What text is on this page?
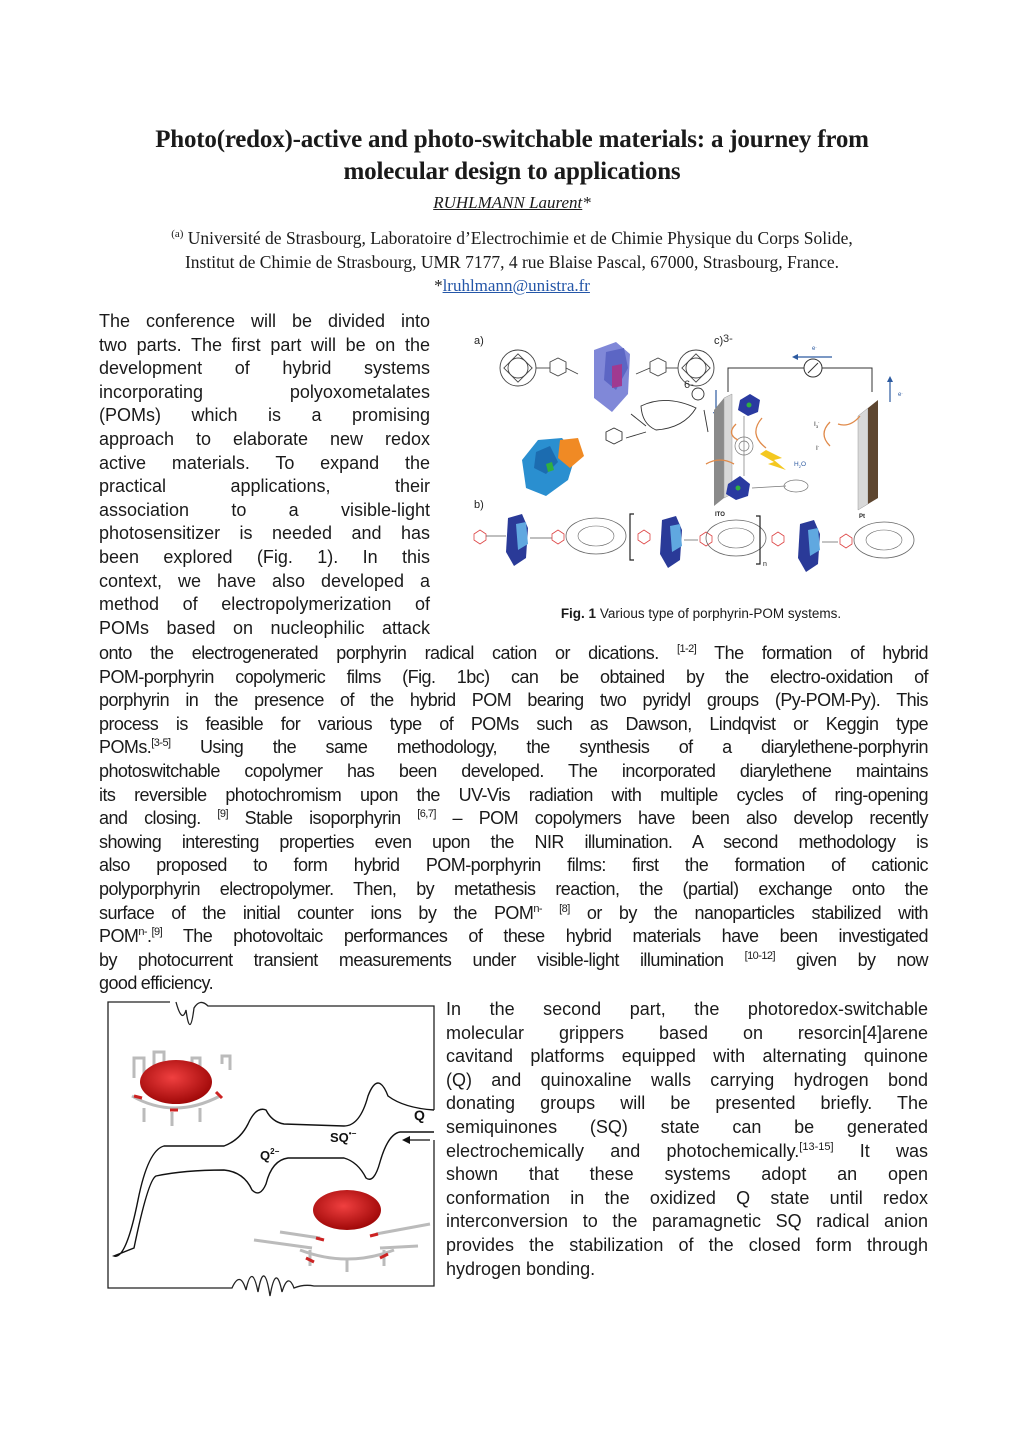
Photo(redox)-active and photo-switchable materials: a journey from
molecular design to applications
RUHLMANN Laurent*
$^{(a)}$ Université de Strasbourg, Laboratoire d’Electrochimie et de Chimie Physique du Corps Solide,
Institut de Chimie de Strasbourg, UMR 7177, 4 rue Blaise Pascal, 67000, Strasbourg, France.
*lruhlmann@unistra.fr
The conference will be divided into
two parts. The first part will be on the
development of hybrid systems
incorporating polyoxometalates
(POMs) which is a promising
approach to elaborate new redox
active materials. To expand the
practical applications, their
association to a visible-light
photosensitizer is needed and has
been explored (Fig. 1). In this
context, we have also developed a
method of electropolymerization of
POMs based on nucleophilic attack
a)	3-
6-
c)
e-
e-
ITO	Pt
$I_3^-$
I-
$H_2O$
b)
n
Fig. 1 Various type of porphyrin-POM systems.
onto the electrogenerated porphyrin radical cation or dications. [1-2] The formation of hybrid
POM-porphyrin copolymeric films (Fig. 1bc) can be obtained by the electro-oxidation of
porphyrin in the presence of the hybrid POM bearing two pyridyl groups (Py-POM-Py). This
process is feasible for various type of POMs such as Dawson, Lindqvist or Keggin type
POMs.[3-5] Using the same methodology, the synthesis of a diarylethene-porphyrin
photoswitchable copolymer has been developed. The incorporated diarylethene maintains
its reversible photochromism upon the UV-Vis radiation with multiple cycles of ring-opening
and closing. [9] Stable isoporphyrin [6,7] – POM copolymers have been also develop recently
showing interesting properties even upon the NIR illumination. A second methodology is
also proposed to form hybrid POM-porphyrin films: first the formation of cationic
polyporphyrin electropolymer. Then, by metathesis reaction, the (partial) exchange onto the
surface of the initial counter ions by the $POM^{n-}$ [8] or by the nanoparticles stabilized with
$POM^{n-}.[9]$ The photovoltaic performances of these hybrid materials have been investigated
by photocurrent transient measurements under visible-light illumination [10-12] given by now
good efficiency.
Q
SQ•−
$Q^{2-}$
In the second part, the photoredox-switchable
molecular grippers based on resorcin[4]arene
cavitand platforms equipped with alternating quinone
(Q) and quinoxaline walls carrying hydrogen bond
donating groups will be presented briefly. The
semiquinones (SQ) state can be generated
electrochemically and photochemically.[13-15] It was
shown that these systems adopt an open
conformation in the oxidized Q state until redox
interconversion to the paramagnetic SQ radical anion
provides the stabilization of the closed form through
hydrogen bonding.
